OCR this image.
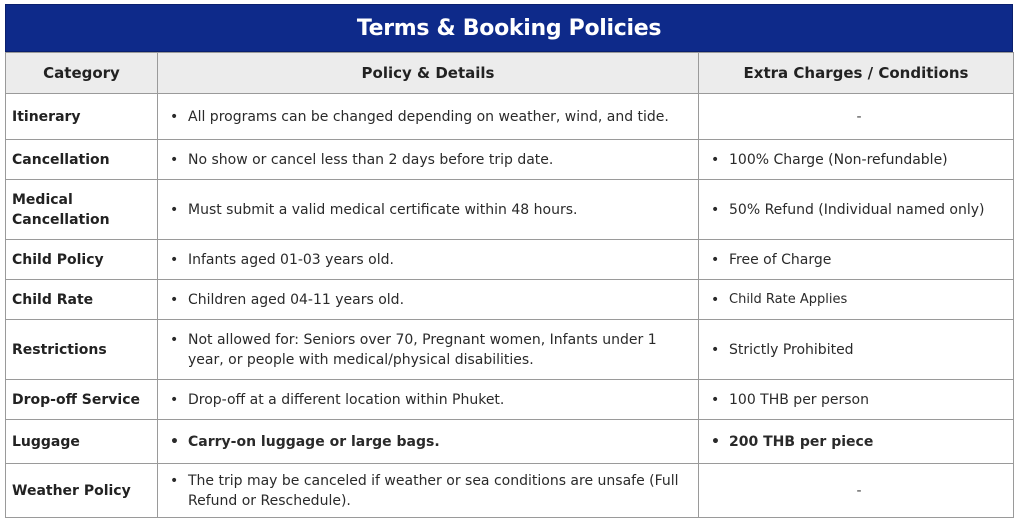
Terms & Booking Policies
Category	Policy & Details	Extra Charges / Conditions
Itinerary	• All programs can be changed depending on weather, wind, and tide.	-
Cancellation	• No show or cancel less than 2 days before trip date.	• 100% Charge (Non-refundable)

Medical Cancellation	• Must submit a valid medical certificate within 48 hours.	• 50% Refund (Individual named only)

Child Policy	• Infants aged 01-03 years old.	• Free of Charge

Child Rate	• Children aged 04-11 years old.	• Child Rate Applies

Restrictions	• Not allowed for: Seniors over 70, Pregnant women, Infants under 1 year, or people with medical/physical disabilities.	• Strictly Prohibited

Drop-off Service	• Drop-off at a different location within Phuket.	• 100 THB per person

Luggage	• Carry-on luggage or large bags.	• 200 THB per piece

Weather Policy	• The trip may be canceled if weather or sea conditions are unsafe (Full Refund or Reschedule).	-
